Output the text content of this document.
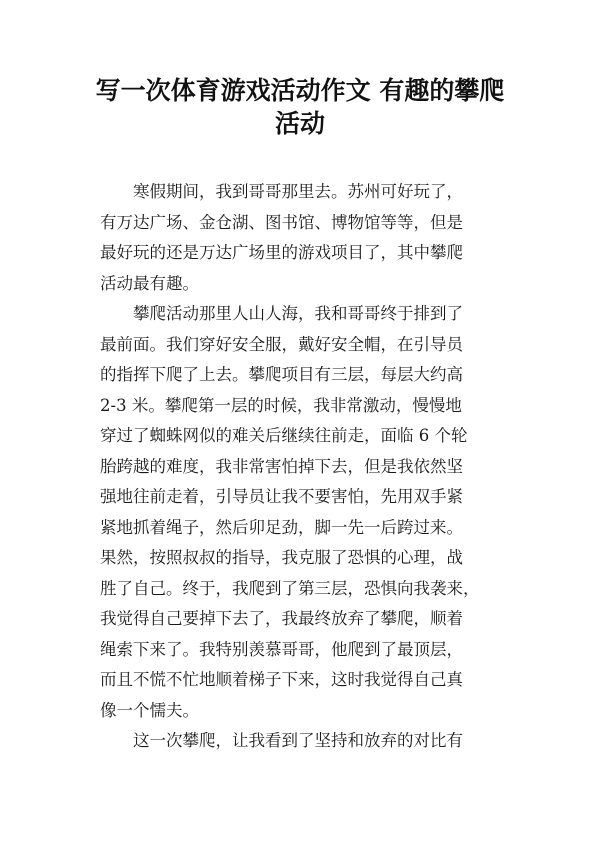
写一次体育游戏活动作文 有趣的攀爬
活动

寒假期间，我到哥哥那里去。苏州可好玩了，
有万达广场、金仓湖、图书馆、博物馆等等，但是
最好玩的还是万达广场里的游戏项目了，其中攀爬
活动最有趣。

攀爬活动那里人山人海，我和哥哥终于排到了
最前面。我们穿好安全服，戴好安全帽，在引导员
的指挥下爬了上去。攀爬项目有三层，每层大约高
2-3 米。攀爬第一层的时候，我非常激动，慢慢地
穿过了蜘蛛网似的难关后继续往前走，面临 6 个轮
胎跨越的难度，我非常害怕掉下去，但是我依然坚
强地往前走着，引导员让我不要害怕，先用双手紧
紧地抓着绳子，然后卯足劲，脚一先一后跨过来。
果然，按照叔叔的指导，我克服了恐惧的心理，战
胜了自己。终于，我爬到了第三层，恐惧向我袭来，
我觉得自己要掉下去了，我最终放弃了攀爬，顺着
绳索下来了。我特别羡慕哥哥，他爬到了最顶层，
而且不慌不忙地顺着梯子下来，这时我觉得自己真
像一个懦夫。

这一次攀爬，让我看到了坚持和放弃的对比有
